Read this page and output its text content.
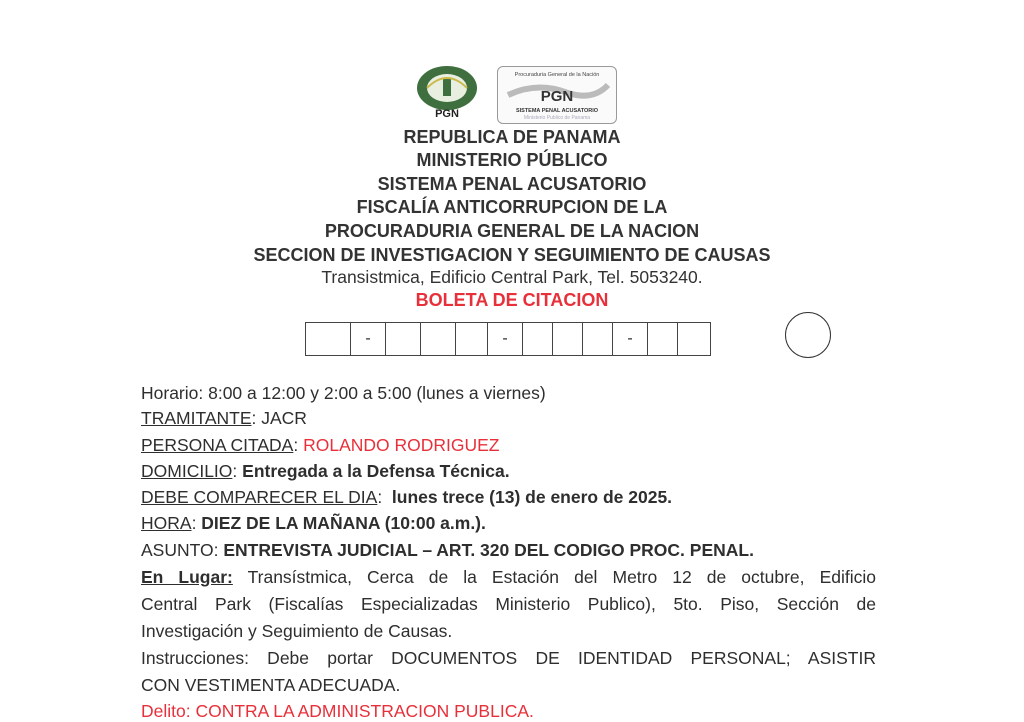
PGN
Procuraduria General de la Nación
PGN
SISTEMA PENAL ACUSATORIO
Ministerio Publico de Panama
REPUBLICA DE PANAMA
MINISTERIO PÚBLICO
SISTEMA PENAL ACUSATORIO
FISCALÍA ANTICORRUPCION DE LA
PROCURADURIA GENERAL DE LA NACION
SECCION DE INVESTIGACION Y SEGUIMIENTO DE CAUSAS
Transistmica, Edificio Central Park, Tel. 5053240.
BOLETA DE CITACION
-	-	-
Horario: 8:00 a 12:00 y 2:00 a 5:00 (lunes a viernes)
TRAMITANTE: JACR
PERSONA CITADA: ROLANDO RODRIGUEZ
DOMICILIO: Entregada a la Defensa Técnica.
DEBE COMPARECER EL DIA:  lunes trece (13) de enero de 2025.
HORA: DIEZ DE LA MAÑANA (10:00 a.m.).
ASUNTO: ENTREVISTA JUDICIAL – ART. 320 DEL CODIGO PROC. PENAL.
En Lugar: Transístmica, Cerca de la Estación del Metro 12 de octubre, Edificio
Central Park (Fiscalías Especializadas Ministerio Publico), 5to. Piso, Sección de
Investigación y Seguimiento de Causas.
Instrucciones: Debe portar DOCUMENTOS DE IDENTIDAD PERSONAL; ASISTIR
CON VESTIMENTA ADECUADA.
Delito: CONTRA LA ADMINISTRACION PUBLICA.
